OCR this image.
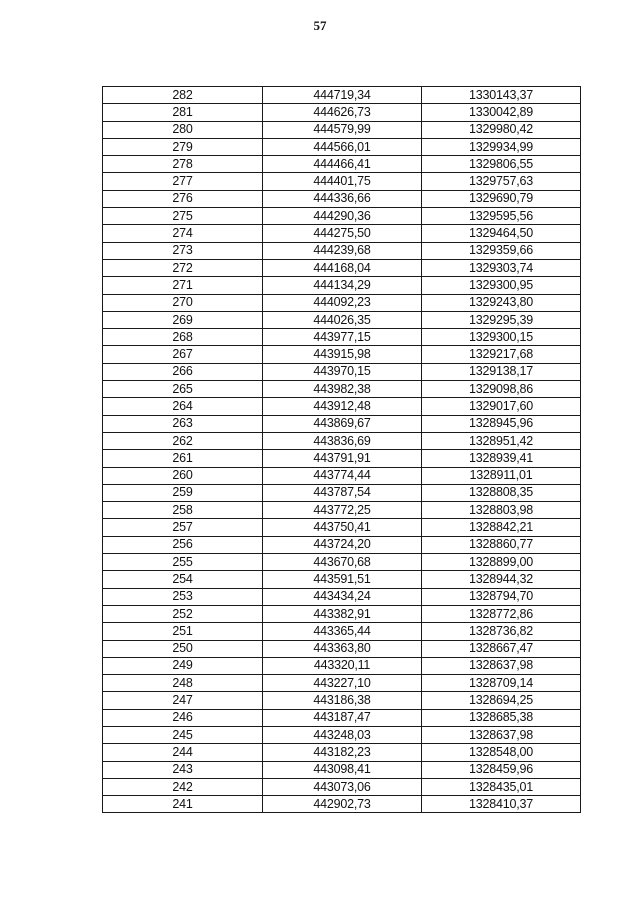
57
282	444719,34	1330143,37
281	444626,73	1330042,89
280	444579,99	1329980,42
279	444566,01	1329934,99
278	444466,41	1329806,55
277	444401,75	1329757,63
276	444336,66	1329690,79
275	444290,36	1329595,56
274	444275,50	1329464,50
273	444239,68	1329359,66
272	444168,04	1329303,74
271	444134,29	1329300,95
270	444092,23	1329243,80
269	444026,35	1329295,39
268	443977,15	1329300,15
267	443915,98	1329217,68
266	443970,15	1329138,17
265	443982,38	1329098,86
264	443912,48	1329017,60
263	443869,67	1328945,96
262	443836,69	1328951,42
261	443791,91	1328939,41
260	443774,44	1328911,01
259	443787,54	1328808,35
258	443772,25	1328803,98
257	443750,41	1328842,21
256	443724,20	1328860,77
255	443670,68	1328899,00
254	443591,51	1328944,32
253	443434,24	1328794,70
252	443382,91	1328772,86
251	443365,44	1328736,82
250	443363,80	1328667,47
249	443320,11	1328637,98
248	443227,10	1328709,14
247	443186,38	1328694,25
246	443187,47	1328685,38
245	443248,03	1328637,98
244	443182,23	1328548,00
243	443098,41	1328459,96
242	443073,06	1328435,01
241	442902,73	1328410,37
